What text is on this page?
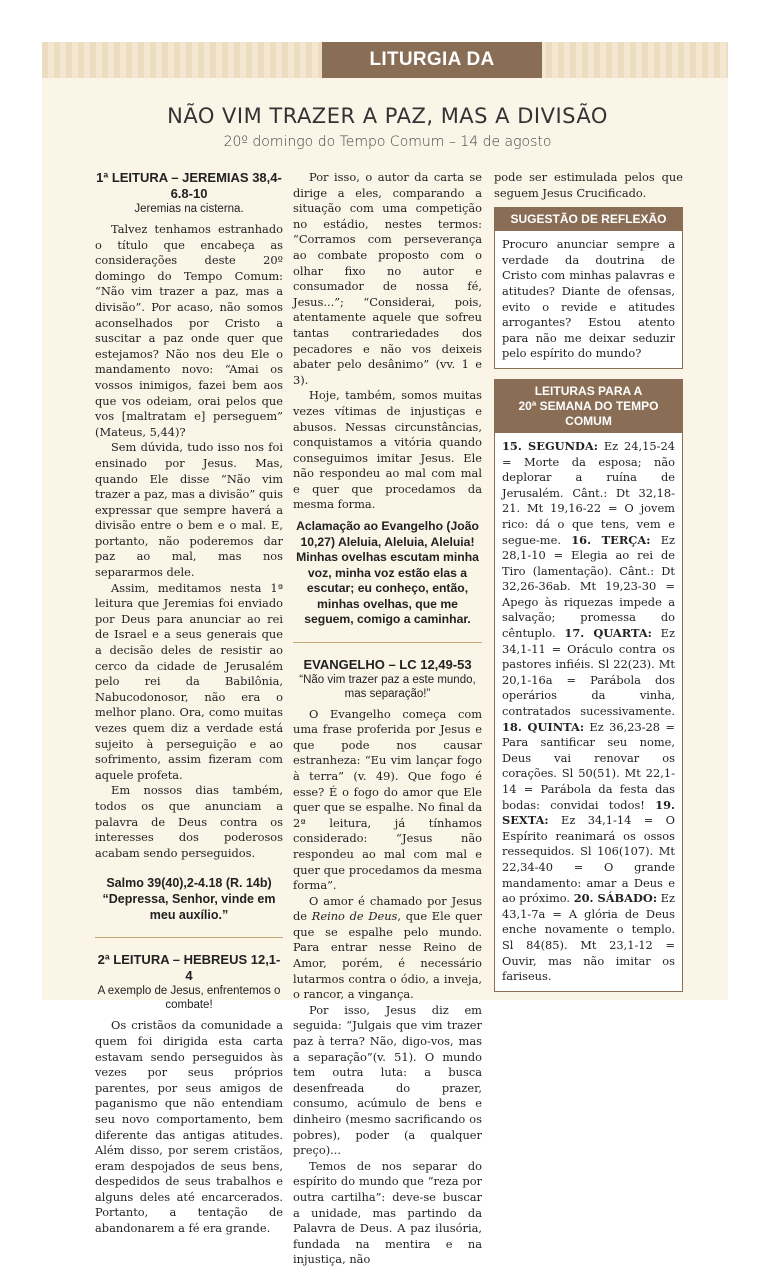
LITURGIA DA
NÃO VIM TRAZER A PAZ, MAS A DIVISÃO
20º domingo do Tempo Comum – 14 de agosto
1ª LEITURA – JEREMIAS 38,4-6.8-10
Jeremias na cisterna.

Talvez tenhamos estranhado o título que encabeça as considerações deste 20º domingo do Tempo Comum: “Não vim trazer a paz, mas a divisão”. Por acaso, não somos aconselhados por Cristo a suscitar a paz onde quer que estejamos? Não nos deu Ele o mandamento novo: “Amai os vossos inimigos, fazei bem aos que vos odeiam, orai pelos que vos [maltratam e] perseguem” (Mateus, 5,44)?

Sem dúvida, tudo isso nos foi ensinado por Jesus. Mas, quando Ele disse “Não vim trazer a paz, mas a divisão” quis expressar que sempre haverá a divisão entre o bem e o mal. E, portanto, não poderemos dar paz ao mal, mas nos separarmos dele.

Assim, meditamos nesta 1ª leitura que Jeremias foi enviado por Deus para anunciar ao rei de Israel e a seus generais que a decisão deles de resistir ao cerco da cidade de Jerusalém pelo rei da Babilônia, Nabucodonosor, não era o melhor plano. Ora, como muitas vezes quem diz a verdade está sujeito à perseguição e ao sofrimento, assim fizeram com aquele profeta.

Em nossos dias também, todos os que anunciam a palavra de Deus contra os interesses dos poderosos acabam sendo perseguidos.

Salmo 39(40),2-4.18 (R. 14b)
“Depressa, Senhor, vinde em meu auxílio.”
2ª LEITURA – HEBREUS 12,1-4
A exemplo de Jesus, enfrentemos o combate!

Os cristãos da comunidade a quem foi dirigida esta carta estavam sendo perseguidos às vezes por seus próprios parentes, por seus amigos de paganismo que não entendiam seu novo comportamento, bem diferente das antigas atitudes. Além disso, por serem cristãos, eram despojados de seus bens, despedidos de seus trabalhos e alguns deles até encarcerados. Portanto, a tentação de abandonarem a fé era grande.

Por isso, o autor da carta se dirige a eles, comparando a situação com uma competição no estádio, nestes termos: “Corramos com perseverança ao combate proposto com o olhar fixo no autor e consumador de nossa fé, Jesus...”; “Considerai, pois, atentamente aquele que sofreu tantas contrariedades dos pecadores e não vos deixeis abater pelo desânimo” (vv. 1 e 3).

Hoje, também, somos muitas vezes vítimas de injustiças e abusos. Nessas circunstâncias, conquistamos a vitória quando conseguimos imitar Jesus. Ele não respondeu ao mal com mal e quer que procedamos da mesma forma.

Aclamação ao Evangelho (João 10,27) Aleluia, Aleluia, Aleluia! Minhas ovelhas escutam minha voz, minha voz estão elas a escutar; eu conheço, então, minhas ovelhas, que me seguem, comigo a caminhar.
EVANGELHO – LC 12,49-53
“Não vim trazer paz a este mundo, mas separação!”

O Evangelho começa com uma frase proferida por Jesus e que pode nos causar estranheza: “Eu vim lançar fogo à terra” (v. 49). Que fogo é esse? É o fogo do amor que Ele quer que se espalhe. No final da 2ª leitura, já tínhamos considerado: “Jesus não respondeu ao mal com mal e quer que procedamos da mesma forma”.

O amor é chamado por Jesus de Reino de Deus, que Ele quer que se espalhe pelo mundo. Para entrar nesse Reino de Amor, porém, é necessário lutarmos contra o ódio, a inveja, o rancor, a vingança.

Por isso, Jesus diz em seguida: “Julgais que vim trazer paz à terra? Não, digo-vos, mas a separação”(v. 51). O mundo tem outra luta: a busca desenfreada do prazer, consumo, acúmulo de bens e dinheiro (mesmo sacrificando os pobres), poder (a qualquer preço)...

Temos de nos separar do espírito do mundo que “reza por outra cartilha”: deve-se buscar a unidade, mas partindo da Palavra de Deus. A paz ilusória, fundada na mentira e na injustiça, não

pode ser estimulada pelos que seguem Jesus Crucificado.

SUGESTÃO DE REFLEXÃO

Procuro anunciar sempre a verdade da doutrina de Cristo com minhas palavras e atitudes? Diante de ofensas, evito o revide e atitudes arrogantes? Estou atento para não me deixar seduzir pelo espírito do mundo?

LEITURAS PARA A
20ª SEMANA DO TEMPO COMUM

15. SEGUNDA: Ez 24,15-24 = Morte da esposa; não deplorar a ruína de Jerusalém. Cânt.: Dt 32,18-21. Mt 19,16-22 = O jovem rico: dá o que tens, vem e segue-me. 16. TERÇA: Ez 28,1-10 = Elegia ao rei de Tiro (lamentação). Cânt.: Dt 32,26-36ab. Mt 19,23-30 = Apego às riquezas impede a salvação; promessa do cêntuplo. 17. QUARTA: Ez 34,1-11 = Oráculo contra os pastores infiéis. Sl 22(23). Mt 20,1-16a = Parábola dos operários da vinha, contratados sucessivamente. 18. QUINTA: Ez 36,23-28 = Para santificar seu nome, Deus vai renovar os corações. Sl 50(51). Mt 22,1-14 = Parábola da festa das bodas: convidai todos! 19. SEXTA: Ez 34,1-14 = O Espírito reanimará os ossos ressequidos. Sl 106(107). Mt 22,34-40 = O grande mandamento: amar a Deus e ao próximo. 20. SÁBADO: Ez 43,1-7a = A glória de Deus enche novamente o templo. Sl 84(85). Mt 23,1-12 = Ouvir, mas não imitar os fariseus.
